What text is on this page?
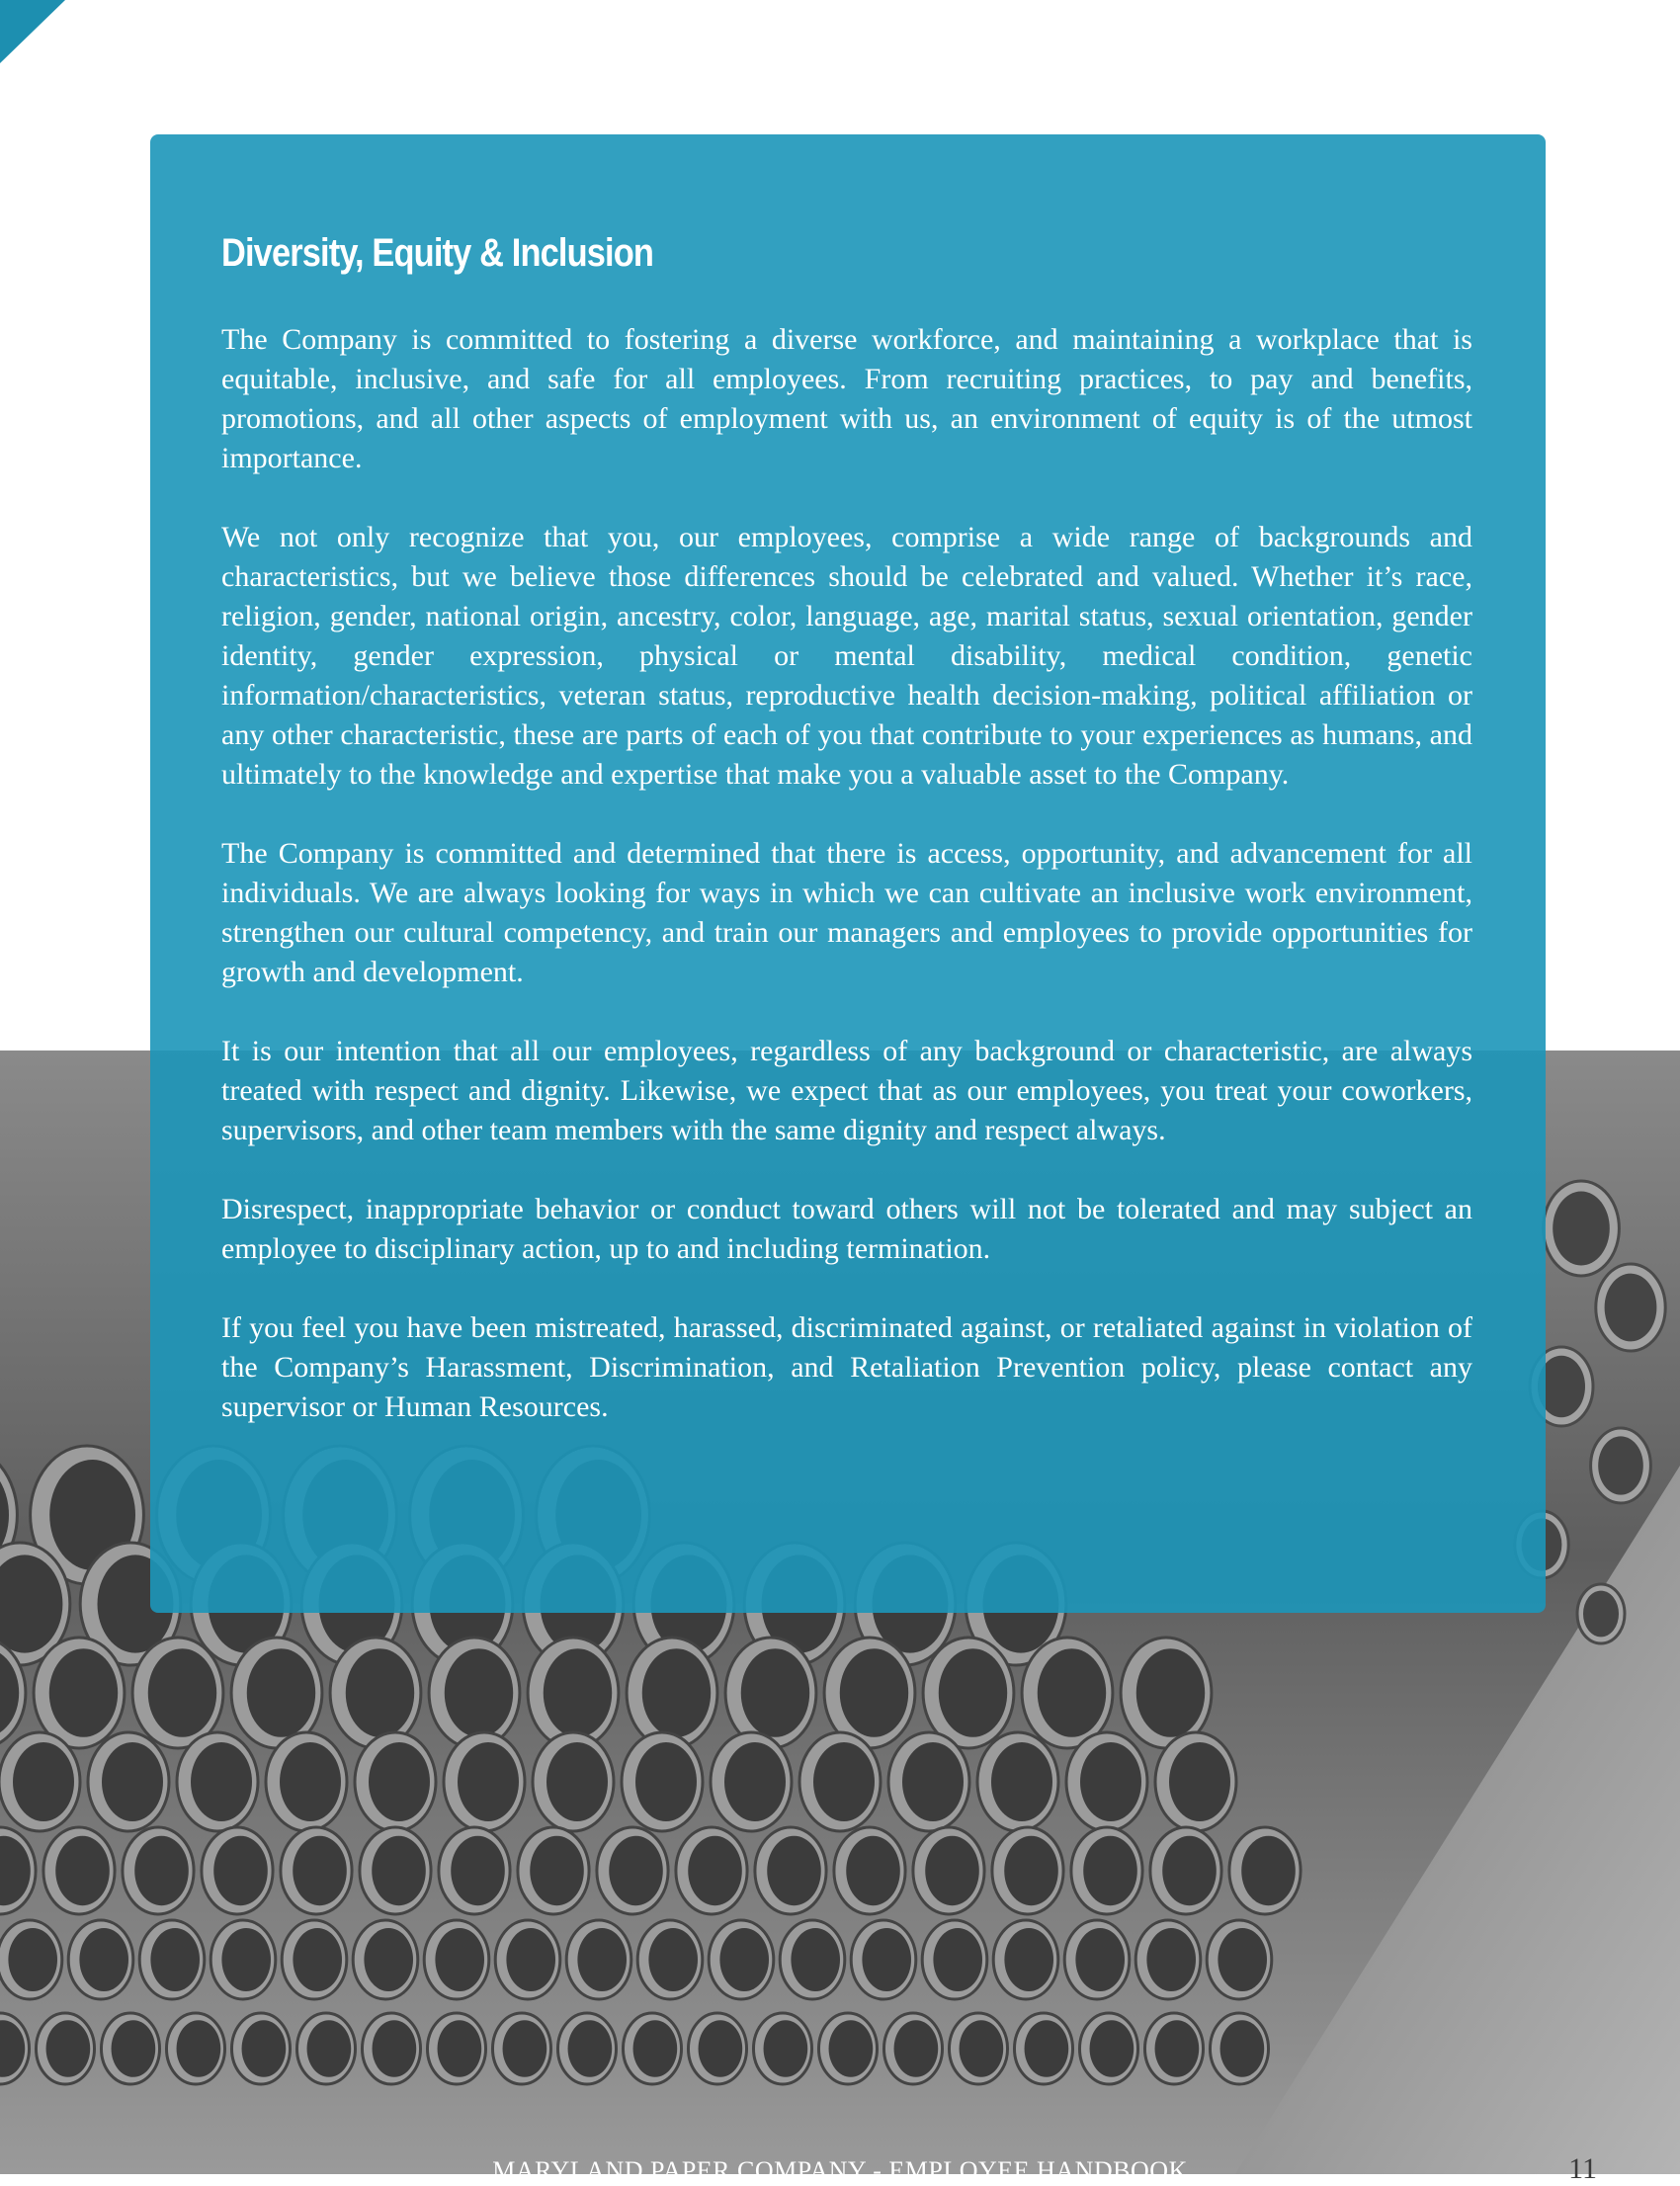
Diversity, Equity & Inclusion

The Company is committed to fostering a diverse workforce, and maintaining a workplace that is equitable, inclusive, and safe for all employees. From recruiting practices, to pay and benefits, promotions, and all other aspects of employment with us, an environment of equity is of the utmost importance.

We not only recognize that you, our employees, comprise a wide range of backgrounds and characteristics, but we believe those differences should be celebrated and valued. Whether it’s race, religion, gender, national origin, ancestry, color, language, age, marital status, sexual orientation, gender identity, gender expression, physical or mental disability, medical condition, genetic information/characteristics, veteran status, reproductive health decision-making, political affiliation or any other characteristic, these are parts of each of you that contribute to your experiences as humans, and ultimately to the knowledge and expertise that make you a valuable asset to the Company.

The Company is committed and determined that there is access, opportunity, and advancement for all individuals. We are always looking for ways in which we can cultivate an inclusive work environment, strengthen our cultural competency, and train our managers and employees to provide opportunities for growth and development.

It is our intention that all our employees, regardless of any background or characteristic, are always treated with respect and dignity. Likewise, we expect that as our employees, you treat your coworkers, supervisors, and other team members with the same dignity and respect always.

Disrespect, inappropriate behavior or conduct toward others will not be tolerated and may subject an employee to disciplinary action, up to and including termination.

If you feel you have been mistreated, harassed, discriminated against, or retaliated against in violation of the Company’s Harassment, Discrimination, and Retaliation Prevention policy, please contact any supervisor or Human Resources.

MARYLAND PAPER COMPANY - EMPLOYEE HANDBOOK	11
